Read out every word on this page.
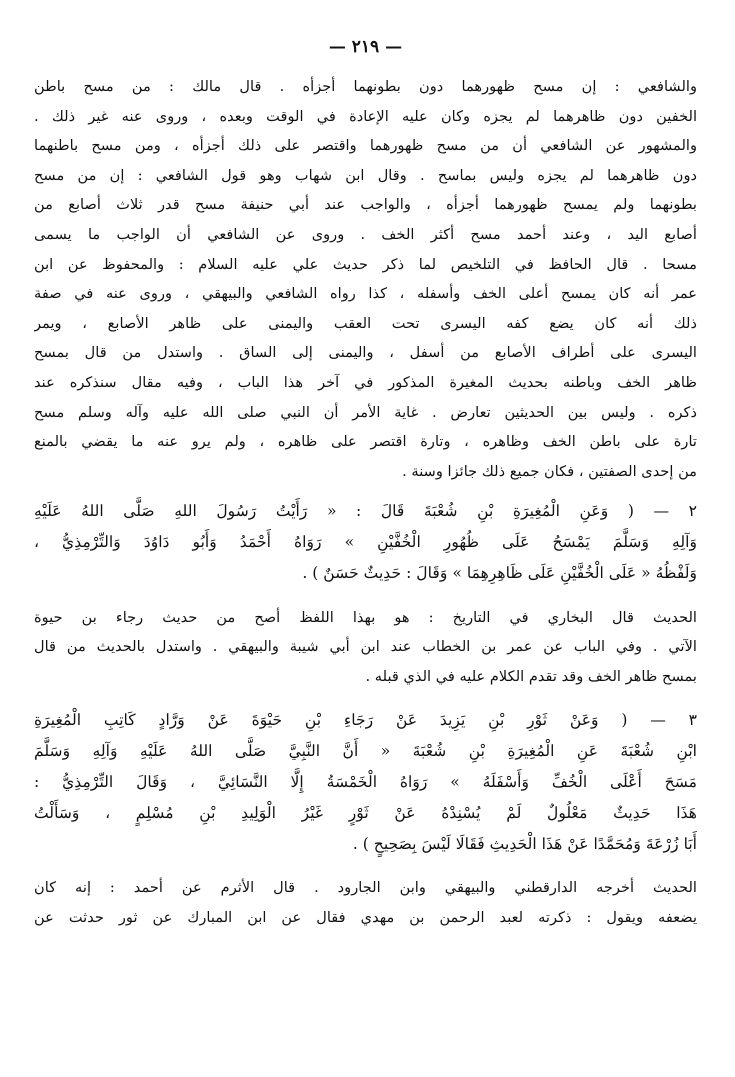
— ٢١٩ —
والشافعي : إن مسح ظهورهما دون بطونهما أجزأه . قال مالك : من مسح باطن
الخفين دون ظاهرهما لم يجزه وكان عليه الإعادة في الوقت وبعده ، وروى عنه غير ذلك .
والمشهور عن الشافعي أن من مسح ظهورهما واقتصر على ذلك أجزأه ، ومن مسح باطنهما
دون ظاهرهما لم يجزه وليس بماسح . وقال ابن شهاب وهو قول الشافعي : إن من مسح
بطونهما ولم يمسح ظهورهما أجزأه ، والواجب عند أبي حنيفة مسح قدر ثلاث أصابع من
أصابع اليد ، وعند أحمد مسح أكثر الخف . وروى عن الشافعي أن الواجب ما يسمى
مسحا . قال الحافظ في التلخيص لما ذكر حديث علي عليه السلام : والمحفوظ عن ابن
عمر أنه كان يمسح أعلى الخف وأسفله ، كذا رواه الشافعي والبيهقي ، وروى عنه في صفة
ذلك أنه كان يضع كفه اليسرى تحت العقب واليمنى على ظاهر الأصابع ، ويمر
اليسرى على أطراف الأصابع من أسفل ، واليمنى إلى الساق . واستدل من قال بمسح
ظاهر الخف وباطنه بحديث المغيرة المذكور في آخر هذا الباب ، وفيه مقال سنذكره عند
ذكره . وليس بين الحديثين تعارض . غاية الأمر أن النبي صلى الله عليه وآله وسلم مسح
تارة على باطن الخف وظاهره ، وتارة اقتصر على ظاهره ، ولم يرو عنه ما يقضي بالمنع
من إحدى الصفتين ، فكان جميع ذلك جائزا وسنة .
٢ — ( وَعَنِ الْمُغِيرَةِ بْنِ شُعْبَةَ قَالَ : « رَأَيْتُ رَسُولَ اللهِ صَلَّى اللهُ عَلَيْهِ
وَآلِهِ وَسَلَّمَ يَمْسَحُ عَلَى ظُهُورِ الْخُفَّيْنِ » رَوَاهُ أَحْمَدُ وَأَبُو دَاوُدَ وَالتِّرْمِذِيُّ ،
وَلَفْظُهُ « عَلَى الْخُفَّيْنِ عَلَى ظَاهِرِهِمَا » وَقَالَ : حَدِيثٌ حَسَنٌ ) .
الحديث قال البخاري في التاريخ : هو بهذا اللفظ أصح من حديث رجاء بن حيوة
الآتي . وفي الباب عن عمر بن الخطاب عند ابن أبي شيبة والبيهقي . واستدل بالحديث من قال
بمسح ظاهر الخف وقد تقدم الكلام عليه في الذي قبله .
٣ — ( وَعَنْ ثَوْرِ بْنِ يَزِيدَ عَنْ رَجَاءِ بْنِ حَيْوَةَ عَنْ وَرَّادٍ كَاتِبِ الْمُغِيرَةِ
ابْنِ شُعْبَةَ عَنِ الْمُغِيرَةِ بْنِ شُعْبَةَ « أَنَّ النَّبِيَّ صَلَّى اللهُ عَلَيْهِ وَآلِهِ وَسَلَّمَ
مَسَحَ أَعْلَى الْخُفِّ وَأَسْفَلَهُ » رَوَاهُ الْخَمْسَةُ إِلَّا النَّسَائِيَّ ، وَقَالَ التِّرْمِذِيُّ :
هَذَا حَدِيثٌ مَعْلُولٌ لَمْ يُسْنِدْهُ عَنْ ثَوْرٍ غَيْرُ الْوَلِيدِ بْنِ مُسْلِمٍ ، وَسَأَلْتُ
أَبَا زُرْعَةَ وَمُحَمَّدًا عَنْ هَذَا الْحَدِيثِ فَقَالَا لَيْسَ بِصَحِيحٍ ) .
الحديث أخرجه الدارقطني والبيهقي وابن الجارود . قال الأثرم عن أحمد : إنه كان
يضعفه ويقول : ذكرته لعبد الرحمن بن مهدي فقال عن ابن المبارك عن ثور حدثت عن
